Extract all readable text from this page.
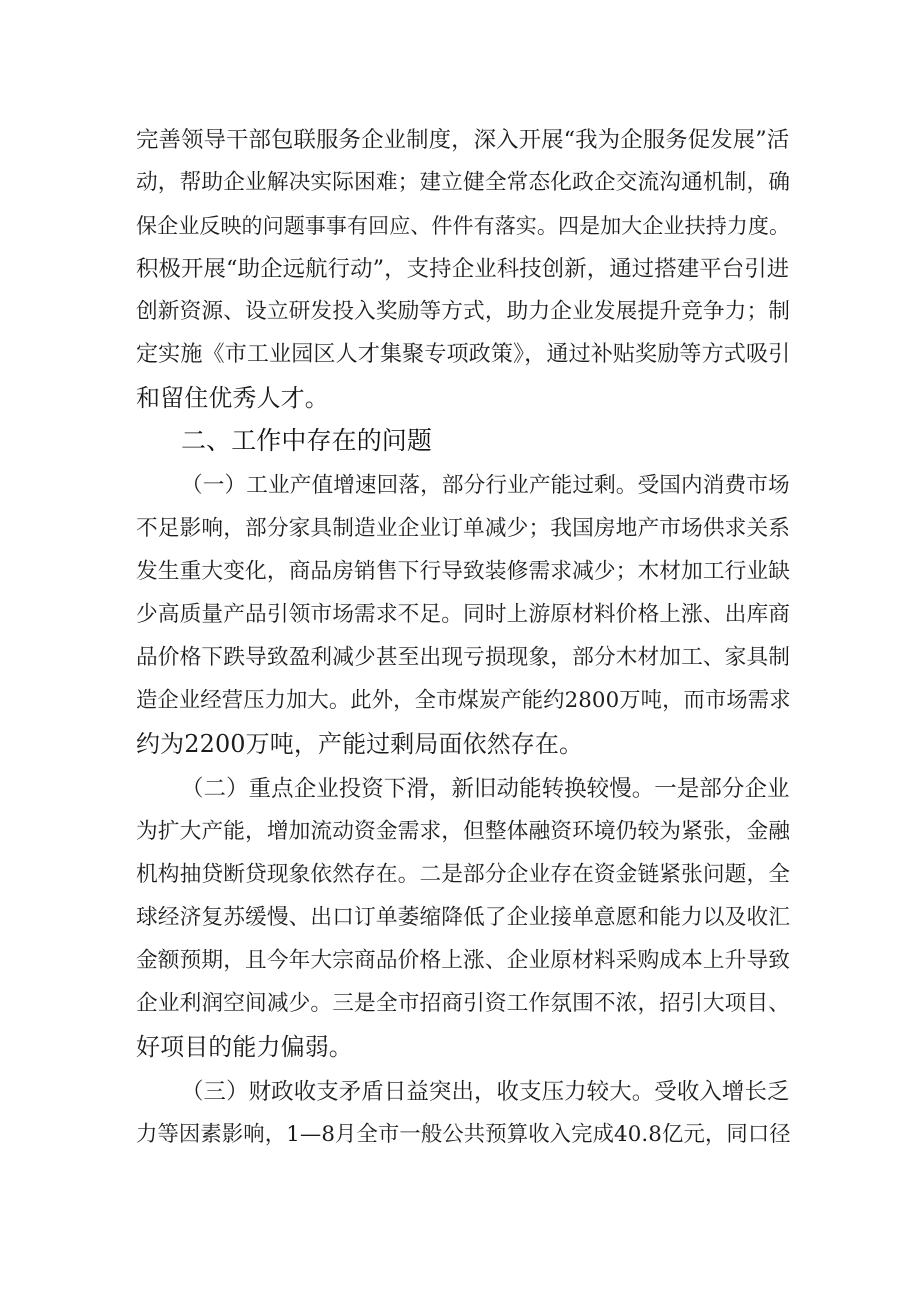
完善领导干部包联服务企业制度，深入开展“我为企服务促发展”活
动，帮助企业解决实际困难；建立健全常态化政企交流沟通机制，确
保企业反映的问题事事有回应、件件有落实。四是加大企业扶持力度。
积极开展“助企远航行动”，支持企业科技创新，通过搭建平台引进
创新资源、设立研发投入奖励等方式，助力企业发展提升竞争力；制
定实施《市工业园区人才集聚专项政策》，通过补贴奖励等方式吸引
和留住优秀人才。
二、工作中存在的问题
（一）工业产值增速回落，部分行业产能过剩。受国内消费市场
不足影响，部分家具制造业企业订单减少；我国房地产市场供求关系
发生重大变化，商品房销售下行导致装修需求减少；木材加工行业缺
少高质量产品引领市场需求不足。同时上游原材料价格上涨、出库商
品价格下跌导致盈利减少甚至出现亏损现象，部分木材加工、家具制
造企业经营压力加大。此外，全市煤炭产能约2800万吨，而市场需求
约为2200万吨，产能过剩局面依然存在。
（二）重点企业投资下滑，新旧动能转换较慢。一是部分企业
为扩大产能，增加流动资金需求，但整体融资环境仍较为紧张，金融
机构抽贷断贷现象依然存在。二是部分企业存在资金链紧张问题，全
球经济复苏缓慢、出口订单萎缩降低了企业接单意愿和能力以及收汇
金额预期，且今年大宗商品价格上涨、企业原材料采购成本上升导致
企业利润空间减少。三是全市招商引资工作氛围不浓，招引大项目、
好项目的能力偏弱。
（三）财政收支矛盾日益突出，收支压力较大。受收入增长乏
力等因素影响，1—8月全市一般公共预算收入完成40.8亿元，同口径
